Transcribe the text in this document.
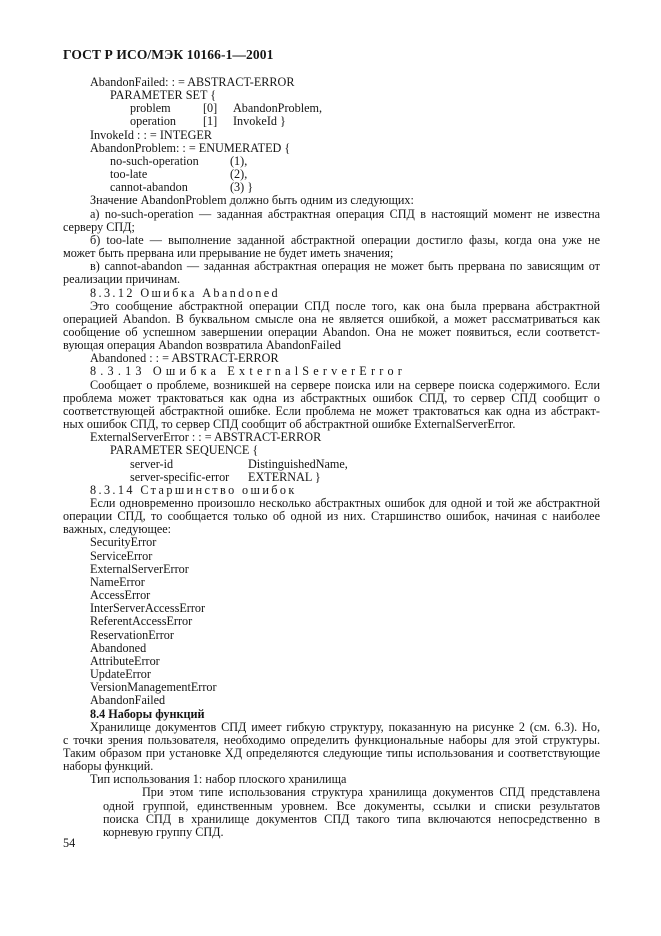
ГОСТ Р ИСО/МЭК 10166-1—2001
AbandonFailed: : = ABSTRACT-ERROR
PARAMETER SET {
problem	[0] AbandonProblem,
operation [1] InvokeId }
InvokeId : : = INTEGER
AbandonProblem: : = ENUMERATED {
no-such-operation	(1),
too-late	(2),
cannot-abandon	(3) }
Значение AbandonProblem должно быть одним из следующих:
а) no-such-operation — заданная абстрактная операция СПД в настоящий момент не известна
серверу СПД;
б) too-late — выполнение заданной абстрактной операции достигло фазы, когда она уже не
может быть прервана или прерывание не будет иметь значения;
в) cannot-abandon — заданная абстрактная операция не может быть прервана по зависящим от
реализации причинам.
8.3.12 Ошибка Abandoned
Это сообщение абстрактной операции СПД после того, как она была прервана абстрактной
операцией Abandon. В буквальном смысле она не является ошибкой, а может рассматриваться как
сообщение об успешном завершении операции Abandon. Она не может появиться, если соответст-
вующая операция Abandon возвратила AbandonFailed
Abandoned : : = ABSTRACT-ERROR
8.3.13 Ошибка ExternalServerError
Сообщает о проблеме, возникшей на сервере поиска или на сервере поиска содержимого. Если
проблема может трактоваться как одна из абстрактных ошибок СПД, то сервер СПД сообщит о
соответствующей абстрактной ошибке. Если проблема не может трактоваться как одна из абстракт-
ных ошибок СПД, то сервер СПД сообщит об абстрактной ошибке ExternalServerError.
ExternalServerError : : = ABSTRACT-ERROR
PARAMETER SEQUENCE {
server-id	DistinguishedName,
server-specific-error EXTERNAL }
8.3.14 Старшинство ошибок
Если одновременно произошло несколько абстрактных ошибок для одной и той же абстрактной
операции СПД, то сообщается только об одной из них. Старшинство ошибок, начиная с наиболее
важных, следующее:
SecurityError
ServiceError
ExternalServerError
NameError
AccessError
InterServerAccessError
ReferentAccessError
ReservationError
Abandoned
AttributeError
UpdateError
VersionManagementError
AbandonFailed
8.4 Наборы функций
Хранилище документов СПД имеет гибкую структуру, показанную на рисунке 2 (см. 6.3). Но,
с точки зрения пользователя, необходимо определить функциональные наборы для этой структуры.
Таким образом при установке ХД определяются следующие типы использования и соответствующие
наборы функций.
Тип использования 1: набор плоского хранилища
При этом типе использования структура хранилища документов СПД представлена
одной группой, единственным уровнем. Все документы, ссылки и списки результатов
поиска СПД в хранилище документов СПД такого типа включаются непосредственно в
корневую группу СПД.
54
